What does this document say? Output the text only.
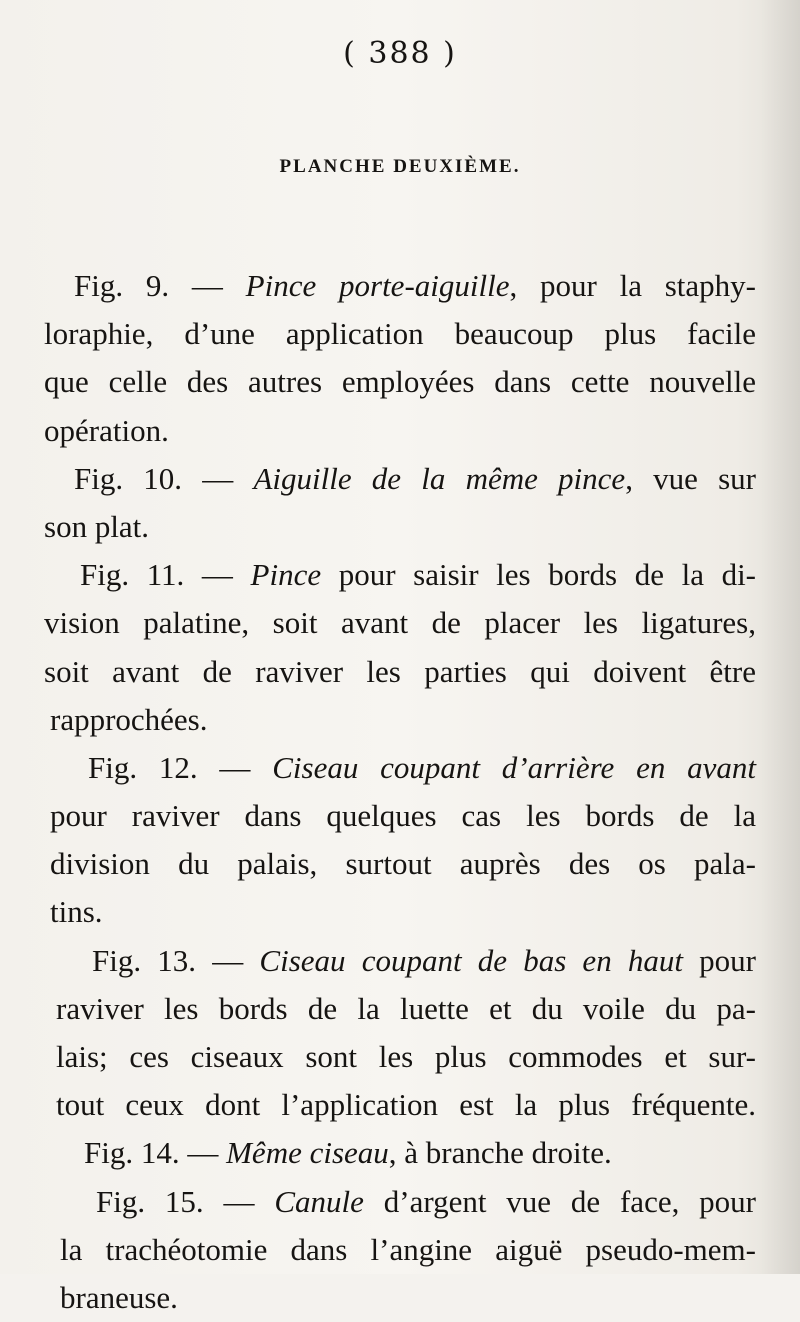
( 388 )
PLANCHE DEUXIÈME.
Fig. 9. — Pince porte-aiguille, pour la staphy-
loraphie, d’une application beaucoup plus facile
que celle des autres employées dans cette nouvelle
opération.
Fig. 10. — Aiguille de la même pince, vue sur
son plat.
Fig. 11. — Pince pour saisir les bords de la di-
vision palatine, soit avant de placer les ligatures,
soit avant de raviver les parties qui doivent être
rapprochées.
Fig. 12. — Ciseau coupant d’arrière en avant
pour raviver dans quelques cas les bords de la
division du palais, surtout auprès des os pala-
tins.
Fig. 13. — Ciseau coupant de bas en haut pour
raviver les bords de la luette et du voile du pa-
lais; ces ciseaux sont les plus commodes et sur-
tout ceux dont l’application est la plus fréquente.
Fig. 14. — Même ciseau, à branche droite.
Fig. 15. — Canule d’argent vue de face, pour
la trachéotomie dans l’angine aiguë pseudo-mem-
braneuse.
